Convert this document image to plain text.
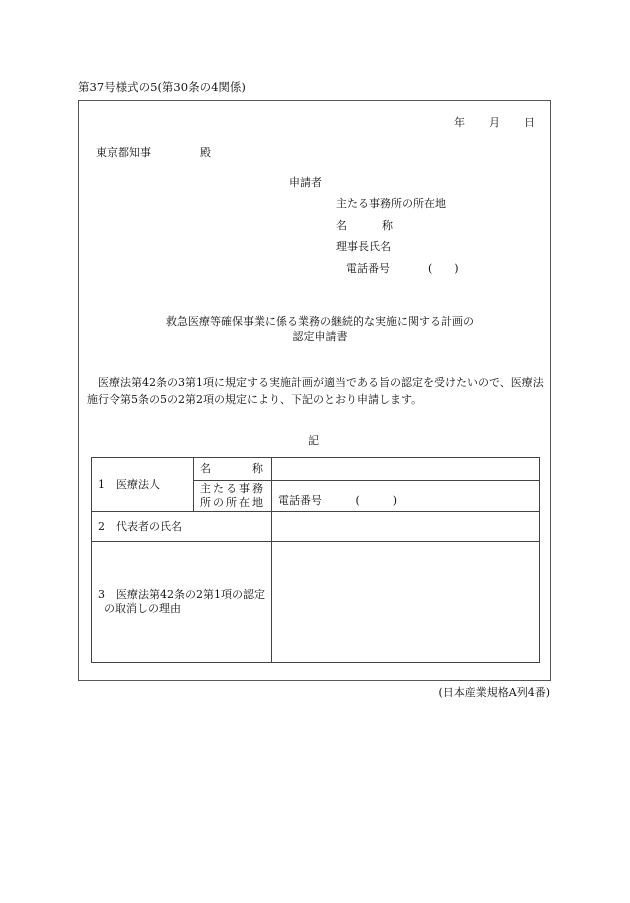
第37号様式の5(第30条の4関係)
年 月 日
東京都知事	殿
申請者
主たる事務所の所在地
名	称
理事長氏名
電話番号	(　　)
救急医療等確保事業に係る業務の継続的な実施に関する計画の
認定申請書
　医療法第42条の3第1項に規定する実施計画が適当である旨の認定を受けたいので、医療法施行令第5条の5の2第2項の規定により、下記のとおり申請します。
記
1　医療法人	名 称	

	主たる事務
所の所在地	電話番号 (　　　)
2　代表者の氏名		

3　医療法第42条の2第1項の認定
の取消しの理由		

(日本産業規格A列4番)
